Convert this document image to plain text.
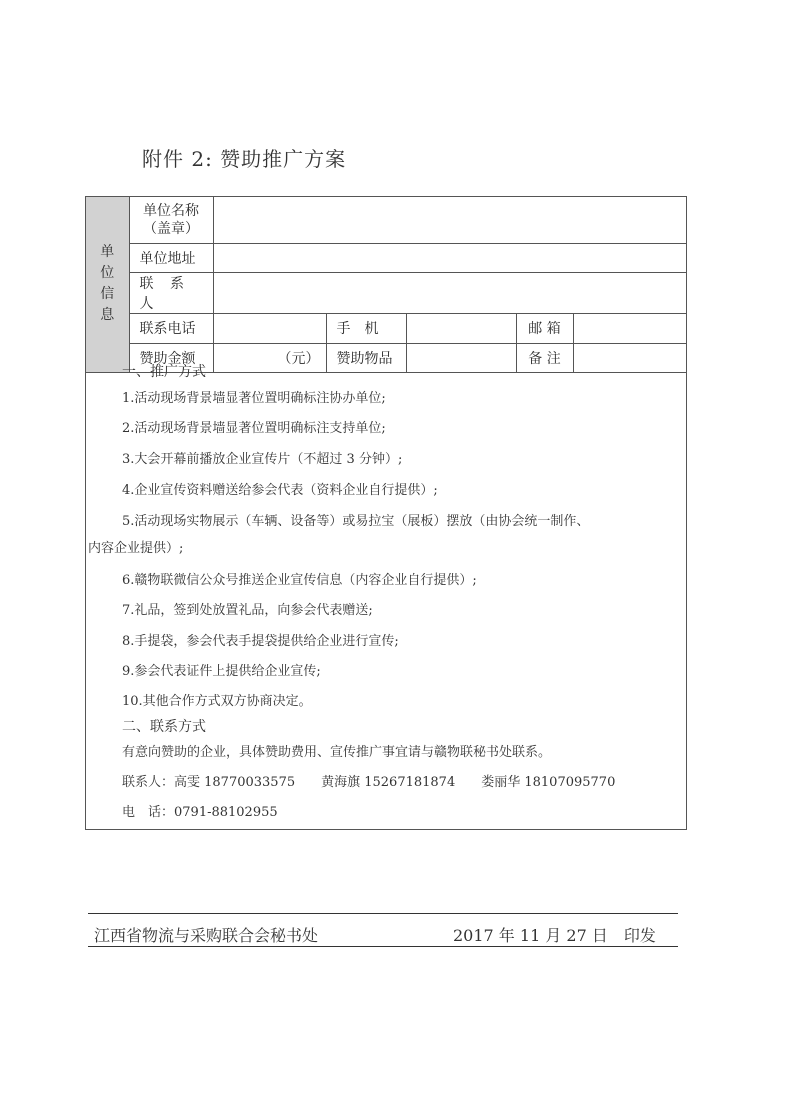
附件 2: 赞助推广方案
单
位
信
息	单位名称
（盖章）					
	单位地址					
	联 系 人					
	联系电话		手　机		邮 箱	
	赞助金额	（元）	赞助物品		备 注	
一、推广方式
1.活动现场背景墙显著位置明确标注协办单位;
2.活动现场背景墙显著位置明确标注支持单位;
3.大会开幕前播放企业宣传片（不超过 3 分钟）;
4.企业宣传资料赠送给参会代表（资料企业自行提供）;
5.活动现场实物展示（车辆、设备等）或易拉宝（展板）摆放（由协会统一制作、
内容企业提供）;
6.赣物联微信公众号推送企业宣传信息（内容企业自行提供）;
7.礼品，签到处放置礼品，向参会代表赠送;
8.手提袋，参会代表手提袋提供给企业进行宣传;
9.参会代表证件上提供给企业宣传;
10.其他合作方式双方协商决定。
二、联系方式
有意向赞助的企业，具体赞助费用、宣传推广事宜请与赣物联秘书处联系。
联系人：高雯 18770033575　　黄海旗 15267181874　　娄丽华 18107095770
电　话：0791-88102955
江西省物流与采购联合会秘书处	2017 年 11 月 27 日　印发
